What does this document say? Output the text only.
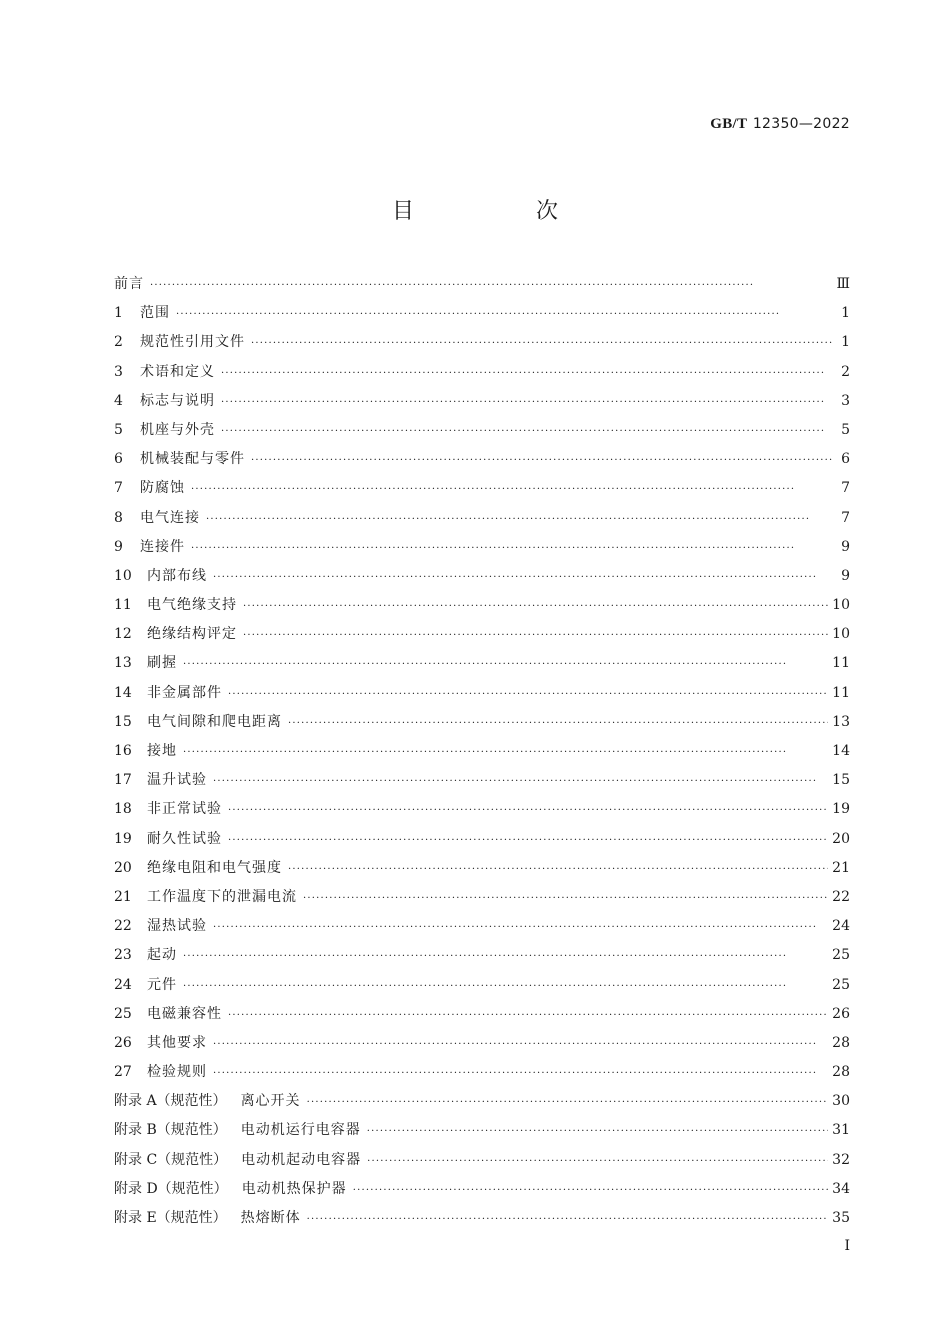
GB/T 12350—2022
目　次
前言 ·····	Ⅲ
1	范围 ·····	1
2	规范性引用文件 ·····	1
3	术语和定义 ·····	2
4	标志与说明 ·····	3
5	机座与外壳 ·····	5
6	机械装配与零件 ·····	6
7	防腐蚀 ·····	7
8	电气连接 ·····	7
9	连接件 ·····	9
10	内部布线 ·····	9
11	电气绝缘支持 ·····	10
12	绝缘结构评定 ·····	10
13	刷握 ·····	11
14	非金属部件 ·····	11
15	电气间隙和爬电距离 ·····	13
16	接地 ·····	14
17	温升试验 ·····	15
18	非正常试验 ·····	19
19	耐久性试验 ·····	20
20	绝缘电阻和电气强度 ·····	21
21	工作温度下的泄漏电流 ·····	22
22	湿热试验 ·····	24
23	起动 ·····	25
24	元件 ·····	25
25	电磁兼容性 ·····	26
26	其他要求 ·····	28
27	检验规则 ·····	28
附录 A（规范性） 离心开关 ·····	30
附录 B（规范性） 电动机运行电容器 ·····	31
附录 C（规范性） 电动机起动电容器 ·····	32
附录 D（规范性） 电动机热保护器 ·····	34
附录 E（规范性） 热熔断体 ·····	35
I
